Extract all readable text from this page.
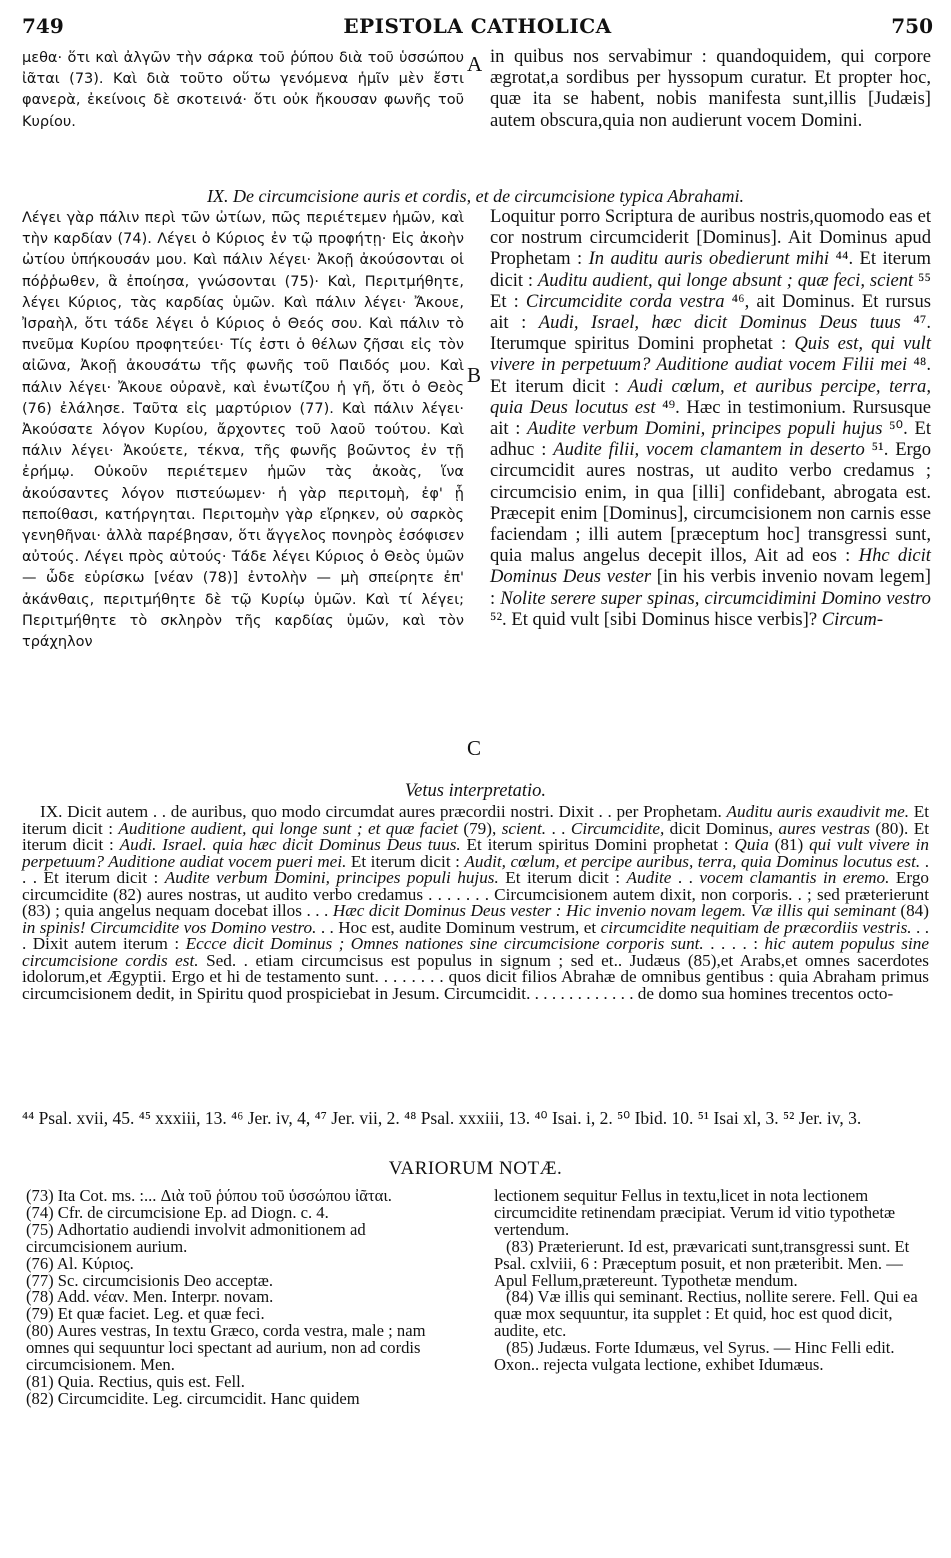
749	EPISTOLA CATHOLICA	750

μεθα· ὅτι καὶ ἀλγῶν τὴν σάρκα τοῦ ῥύπου διὰ τοῦ ὑσσώπου ἰᾶται (73). Καὶ διὰ τοῦτο οὕτω γενόμενα ἡμῖν μὲν ἔστι φανερὰ, ἐκείνοις δὲ σκοτεινά· ὅτι οὐκ ἤκουσαν φωνῆς τοῦ Κυρίου.

A in quibus nos servabimur : quandoquidem, qui corpore ægrotat,a sordibus per hyssopum curatur. Et propter hoc, quæ ita se habent, nobis manifesta sunt,illis [Judæis] autem obscura,quia non audierunt vocem Domini.

IX. De circumcisione auris et cordis, et de circumcisione typica Abrahami.

Λέγει γὰρ πάλιν περὶ τῶν ὠτίων, πῶς περιέτεμεν ἡμῶν, καὶ τὴν καρδίαν (74). Λέγει ὁ Κύριος ἐν τῷ προφήτῃ· Εἰς ἀκοὴν ὠτίου ὑπήκουσάν μου. Καὶ πάλιν λέγει· Ἀκοῇ ἀκούσονται οἱ πόῤῥωθεν, ἃ ἐποίησα, γνώσονται (75)· Καὶ, Περιτμήθητε, λέγει Κύριος, τὰς καρδίας ὑμῶν. Καὶ πάλιν λέγει· Ἄκουε, Ἰσραὴλ, ὅτι τάδε λέγει ὁ Κύριος ὁ Θεός σου. Καὶ πάλιν τὸ πνεῦμα Κυρίου προφητεύει· Τίς ἐστι ὁ θέλων ζῆσαι εἰς τὸν αἰῶνα, Ἀκοῇ ἀκουσάτω τῆς φωνῆς τοῦ Παιδός μου. Καὶ πάλιν λέγει· Ἄκουε οὐρανὲ, καὶ ἐνωτίζου ἡ γῆ, ὅτι ὁ Θεὸς (76) ἐλάλησε. Ταῦτα εἰς μαρτύριον (77). Καὶ πάλιν λέγει· Ἀκούσατε λόγον Κυρίου, ἄρχοντες τοῦ λαοῦ τούτου. Καὶ πάλιν λέγει· Ἀκούετε, τέκνα, τῆς φωνῆς βοῶντος ἐν τῇ ἐρήμῳ. Οὐκοῦν περιέτεμεν ἡμῶν τὰς ἀκοὰς, ἵνα ἀκούσαντες λόγον πιστεύωμεν· ἡ γὰρ περιτομὴ, ἐφ' ᾗ πεποίθασι, κατήργηται. Περιτομὴν γὰρ εἴρηκεν, οὐ σαρκὸς γενηθῆναι· ἀλλὰ παρέβησαν, ὅτι ἄγγελος πονηρὸς ἐσόφισεν αὐτούς. Λέγει πρὸς αὐτούς· Τάδε λέγει Κύριος ὁ Θεὸς ὑμῶν — ὧδε εὑρίσκω [νέαν (78)] ἐντολὴν — μὴ σπείρητε ἐπ' ἀκάνθαις, περιτμήθητε δὲ τῷ Κυρίῳ ὑμῶν. Καὶ τί λέγει; Περιτμήθητε τὸ σκληρὸν τῆς καρδίας ὑμῶν, καὶ τὸν τράχηλον

B
C

Loquitur porro Scriptura de auribus nostris,quomodo eas et cor nostrum circumciderit [Dominus]. Ait Dominus apud Prophetam : In auditu auris obedierunt mihi ⁴⁴. Et iterum dicit : Auditu audient, qui longe absunt ; quæ feci, scient ⁵⁵ Et : Circumcidite corda vestra ⁴⁶, ait Dominus. Et rursus ait : Audi, Israel, hæc dicit Dominus Deus tuus ⁴⁷. Iterumque spiritus Domini prophetat : Quis est, qui vult vivere in perpetuum? Auditione audiat vocem Filii mei ⁴⁸. Et iterum dicit : Audi cœlum, et auribus percipe, terra, quia Deus locutus est ⁴⁹. Hæc in testimonium. Rursusque ait : Audite verbum Domini, principes populi hujus ⁵⁰. Et adhuc : Audite filii, vocem clamantem in deserto ⁵¹. Ergo circumcidit aures nostras, ut audito verbo credamus ; circumcisio enim, in qua [illi] confidebant, abrogata est. Præcepit enim [Dominus], circumcisionem non carnis esse faciendam ; illi autem [præceptum hoc] transgressi sunt, quia malus angelus decepit illos, Ait ad eos : Hhc dicit Dominus Deus vester [in his verbis invenio novam legem] : Nolite serere super spinas, circumcidimini Domino vestro ⁵². Et quid vult [sibi Dominus hisce verbis]? Circum-

Vetus interpretatio.

IX. Dicit autem . . de auribus, quo modo circumdat aures præcordii nostri. Dixit . . per Prophetam. Auditu auris exaudivit me. Et iterum dicit : Auditione audient, qui longe sunt ; et quæ faciet (79), scient. . . Circumcidite, dicit Dominus, aures vestras (80). Et iterum dicit : Audi. Israel. quia hæc dicit Dominus Deus tuus. Et iterum spiritus Domini prophetat : Quia (81) qui vult vivere in perpetuum? Auditione audiat vocem pueri mei. Et iterum dicit : Audit, cœlum, et percipe auribus, terra, quia Dominus locutus est. . . . Et iterum dicit : Audite verbum Domini, principes populi hujus. Et iterum dicit : Audite . . vocem clamantis in eremo. Ergo circumcidite (82) aures nostras, ut audito verbo credamus . . . . . . . Circumcisionem autem dixit, non corporis. . ; sed præterierunt (83) ; quia angelus nequam docebat illos . . . Hæc dicit Dominus Deus vester : Hic invenio novam legem. Væ illis qui seminant (84) in spinis! Circumcidite vos Domino vestro. . . Hoc est, audite Dominum vestrum, et circumcidite nequitiam de præcordiis vestris. . . . Dixit autem iterum : Eccce dicit Dominus ; Omnes nationes sine circumcisione corporis sunt. . . . . : hic autem populus sine circumcisione cordis est. Sed. . etiam circumcisus est populus in signum ; sed et.. Judæus (85),et Arabs,et omnes sacerdotes idolorum,et Ægyptii. Ergo et hi de testamento sunt. . . . . . . . quos dicit filios Abrahæ de omnibus gentibus : quia Abraham primus circumcisionem dedit, in Spiritu quod prospiciebat in Jesum. Circumcidit. . . . . . . . . . . . . de domo sua homines trecentos octo-

⁴⁴ Psal. xvii, 45. ⁴⁵ xxxiii, 13. ⁴⁶ Jer. iv, 4, ⁴⁷ Jer. vii, 2. ⁴⁸ Psal. xxxiii, 13. ⁴⁰ Isai. i, 2. ⁵⁰ Ibid. 10. ⁵¹ Isai xl, 3. ⁵² Jer. iv, 3.
VARIORUM NOTÆ.

(73) Ita Cot. ms. :... Διὰ τοῦ ῥύπου τοῦ ὑσσώπου ἰᾶται.

(74) Cfr. de circumcisione Ep. ad Diogn. c. 4.

(75) Adhortatio audiendi involvit admonitionem ad circumcisionem aurium.

(76) Al. Κύριος.

(77) Sc. circumcisionis Deo acceptæ.

(78) Add. νέαν. Men. Interpr. novam.

(79) Et quæ faciet. Leg. et quæ feci.

(80) Aures vestras, In textu Græco, corda vestra, male ; nam omnes qui sequuntur loci spectant ad aurium, non ad cordis circumcisionem. Men.

(81) Quia. Rectius, quis est. Fell.

(82) Circumcidite. Leg. circumcidit. Hanc quidem

lectionem sequitur Fellus in textu,licet in nota lectionem circumcidite retinendam præcipiat. Verum id vitio typothetæ vertendum.

(83) Præterierunt. Id est, prævaricati sunt,transgressi sunt. Et Psal. cxlviii, 6 : Præceptum posuit, et non præteribit. Men. — Apul Fellum,prætereunt. Typothetæ mendum.

(84) Væ illis qui seminant. Rectius, nollite serere. Fell. Qui ea quæ mox sequuntur, ita supplet : Et quid, hoc est quod dicit, audite, etc.

(85) Judæus. Forte Idumæus, vel Syrus. — Hinc Felli edit. Oxon.. rejecta vulgata lectione, exhibet Idumæus.
